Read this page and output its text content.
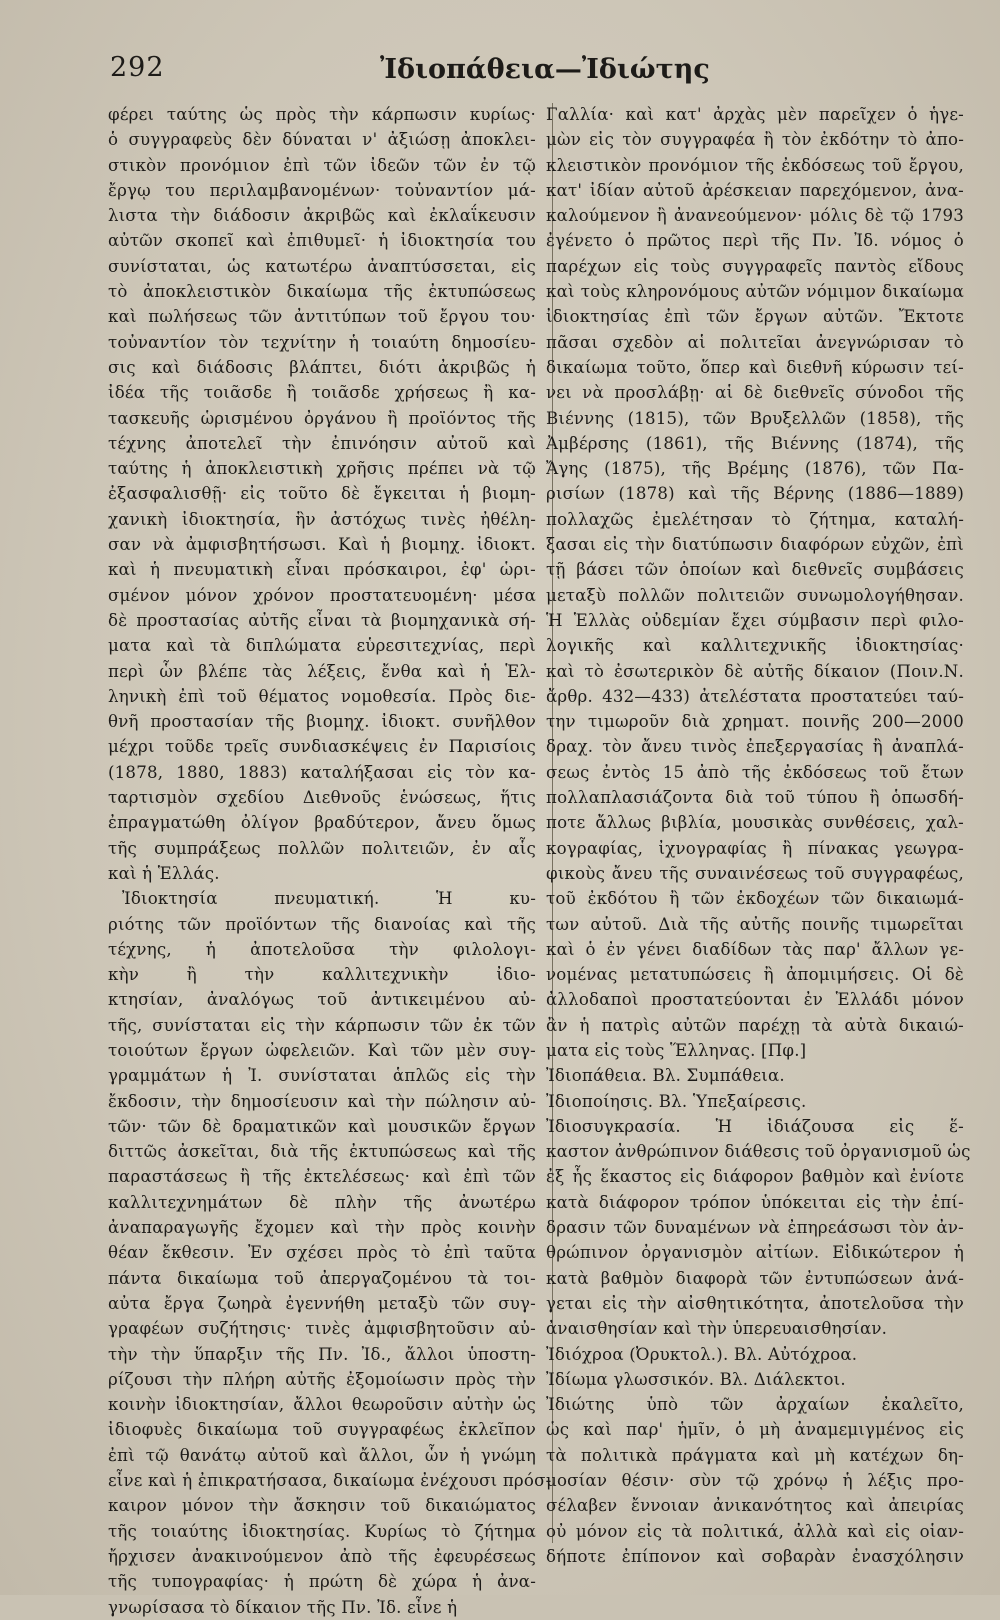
292	Ἰδιοπάθεια—Ἰδιώτης
φέρει ταύτης ὡς πρὸς τὴν κάρπωσιν κυρίως·
ὁ συγγραφεὺς δὲν δύναται ν' ἀξιώσῃ ἀποκλει-
στικὸν προνόμιον ἐπὶ τῶν ἰδεῶν τῶν ἐν τῷ
ἔργῳ του περιλαμβανομένων· τοὐναντίον μά-
λιστα τὴν διάδοσιν ἀκριβῶς καὶ ἐκλαΐκευσιν
αὐτῶν σκοπεῖ καὶ ἐπιθυμεῖ· ἡ ἰδιοκτησία του
συνίσταται, ὡς κατωτέρω ἀναπτύσσεται, εἰς
τὸ ἀποκλειστικὸν δικαίωμα τῆς ἐκτυπώσεως
καὶ πωλήσεως τῶν ἀντιτύπων τοῦ ἔργου του·
τοὐναντίον τὸν τεχνίτην ἡ τοιαύτη δημοσίευ-
σις καὶ διάδοσις βλάπτει, διότι ἀκριβῶς ἡ
ἰδέα τῆς τοιᾶσδε ἢ τοιᾶσδε χρήσεως ἢ κα-
τασκευῆς ὡρισμένου ὀργάνου ἢ προϊόντος τῆς
τέχνης ἀποτελεῖ τὴν ἐπινόησιν αὐτοῦ καὶ
ταύτης ἡ ἀποκλειστικὴ χρῆσις πρέπει νὰ τῷ
ἐξασφαλισθῇ· εἰς τοῦτο δὲ ἔγκειται ἡ βιομη-
χανικὴ ἰδιοκτησία, ἣν ἀστόχως τινὲς ἠθέλη-
σαν νὰ ἀμφισβητήσωσι. Καὶ ἡ βιομηχ. ἰδιοκτ.
καὶ ἡ πνευματικὴ εἶναι πρόσκαιροι, ἐφ' ὡρι-
σμένον μόνον χρόνον προστατευομένη· μέσα
δὲ προστασίας αὐτῆς εἶναι τὰ βιομηχανικὰ σή-
ματα καὶ τὰ διπλώματα εὑρεσιτεχνίας, περὶ
περὶ ὧν βλέπε τὰς λέξεις, ἔνθα καὶ ἡ Ἑλ-
ληνικὴ ἐπὶ τοῦ θέματος νομοθεσία. Πρὸς διε-
θνῆ προστασίαν τῆς βιομηχ. ἰδιοκτ. συνῆλθον
μέχρι τοῦδε τρεῖς συνδιασκέψεις ἐν Παρισίοις
(1878, 1880, 1883) καταλήξασαι εἰς τὸν κα-
ταρτισμὸν σχεδίου Διεθνοῦς ἑνώσεως, ἥτις
ἐπραγματώθη ὀλίγον βραδύτερον, ἄνευ ὅμως
τῆς συμπράξεως πολλῶν πολιτειῶν, ἐν αἷς
καὶ ἡ Ἑλλάς.
Ἰδιοκτησία πνευματική. Ἡ κυ-
ριότης τῶν προϊόντων τῆς διανοίας καὶ τῆς
τέχνης, ἡ ἀποτελοῦσα τὴν φιλολογι-
κὴν ἢ τὴν καλλιτεχνικὴν ἰδιο-
κτησίαν, ἀναλόγως τοῦ ἀντικειμένου αὐ-
τῆς, συνίσταται εἰς τὴν κάρπωσιν τῶν ἐκ τῶν
τοιούτων ἔργων ὠφελειῶν. Καὶ τῶν μὲν συγ-
γραμμάτων ἡ Ἰ. συνίσταται ἁπλῶς εἰς τὴν
ἔκδοσιν, τὴν δημοσίευσιν καὶ τὴν πώλησιν αὐ-
τῶν· τῶν δὲ δραματικῶν καὶ μουσικῶν ἔργων
διττῶς ἀσκεῖται, διὰ τῆς ἐκτυπώσεως καὶ τῆς
παραστάσεως ἢ τῆς ἐκτελέσεως· καὶ ἐπὶ τῶν
καλλιτεχνημάτων δὲ πλὴν τῆς ἀνωτέρω
ἀναπαραγωγῆς ἔχομεν καὶ τὴν πρὸς κοινὴν
θέαν ἔκθεσιν. Ἐν σχέσει πρὸς τὸ ἐπὶ ταῦτα
πάντα δικαίωμα τοῦ ἀπεργαζομένου τὰ τοι-
αὐτα ἔργα ζωηρὰ ἐγεννήθη μεταξὺ τῶν συγ-
γραφέων συζήτησις· τινὲς ἀμφισβητοῦσιν αὐ-
τὴν τὴν ὕπαρξιν τῆς Πν. Ἰδ., ἄλλοι ὑποστη-
ρίζουσι τὴν πλήρη αὐτῆς ἐξομοίωσιν πρὸς τὴν
κοινὴν ἰδιοκτησίαν, ἄλλοι θεωροῦσιν αὐτὴν ὡς
ἰδιοφυὲς δικαίωμα τοῦ συγγραφέως ἐκλεῖπον
ἐπὶ τῷ θανάτῳ αὐτοῦ καὶ ἄλλοι, ὧν ἡ γνώμη
εἶνε καὶ ἡ ἐπικρατήσασα, δικαίωμα ἐνέχουσι πρόσ-
καιρον μόνον τὴν ἄσκησιν τοῦ δικαιώματος
τῆς τοιαύτης ἰδιοκτησίας. Κυρίως τὸ ζήτημα
ἤρχισεν ἀνακινούμενον ἀπὸ τῆς ἐφευρέσεως
τῆς τυπογραφίας· ἡ πρώτη δὲ χώρα ἡ ἀνα-
γνωρίσασα τὸ δίκαιον τῆς Πν. Ἰδ. εἶνε ἡ
Γαλλία· καὶ κατ' ἀρχὰς μὲν παρεῖχεν ὁ ἡγε-
μὼν εἰς τὸν συγγραφέα ἢ τὸν ἐκδότην τὸ ἀπο-
κλειστικὸν προνόμιον τῆς ἐκδόσεως τοῦ ἔργου,
κατ' ἰδίαν αὐτοῦ ἀρέσκειαν παρεχόμενον, ἀνα-
καλούμενον ἢ ἀνανεούμενον· μόλις δὲ τῷ 1793
ἐγένετο ὁ πρῶτος περὶ τῆς Πν. Ἰδ. νόμος ὁ
παρέχων εἰς τοὺς συγγραφεῖς παντὸς εἴδους
καὶ τοὺς κληρονόμους αὐτῶν νόμιμον δικαίωμα
ἰδιοκτησίας ἐπὶ τῶν ἔργων αὐτῶν. Ἔκτοτε
πᾶσαι σχεδὸν αἱ πολιτεῖαι ἀνεγνώρισαν τὸ
δικαίωμα τοῦτο, ὅπερ καὶ διεθνῆ κύρωσιν τεί-
νει νὰ προσλάβῃ· αἱ δὲ διεθνεῖς σύνοδοι τῆς
Βιέννης (1815), τῶν Βρυξελλῶν (1858), τῆς
Ἀμβέρσης (1861), τῆς Βιέννης (1874), τῆς
Ἄγης (1875), τῆς Βρέμης (1876), τῶν Πα-
ρισίων (1878) καὶ τῆς Βέρνης (1886—1889)
πολλαχῶς ἐμελέτησαν τὸ ζήτημα, καταλή-
ξασαι εἰς τὴν διατύπωσιν διαφόρων εὐχῶν, ἐπὶ
τῇ βάσει τῶν ὁποίων καὶ διεθνεῖς συμβάσεις
μεταξὺ πολλῶν πολιτειῶν συνωμολογήθησαν.
Ἡ Ἑλλὰς οὐδεμίαν ἔχει σύμβασιν περὶ φιλο-
λογικῆς καὶ καλλιτεχνικῆς ἰδιοκτησίας·
καὶ τὸ ἐσωτερικὸν δὲ αὐτῆς δίκαιον (Ποιν.Ν.
ἄρθρ. 432—433) ἀτελέστατα προστατεύει ταύ-
την τιμωροῦν διὰ χρηματ. ποινῆς 200—2000
δραχ. τὸν ἄνευ τινὸς ἐπεξεργασίας ἢ ἀναπλά-
σεως ἐντὸς 15 ἀπὸ τῆς ἐκδόσεως τοῦ ἔτων
πολλαπλασιάζοντα διὰ τοῦ τύπου ἢ ὁπωσδή-
ποτε ἄλλως βιβλία, μουσικὰς συνθέσεις, χαλ-
κογραφίας, ἰχνογραφίας ἢ πίνακας γεωγρα-
φικοὺς ἄνευ τῆς συναινέσεως τοῦ συγγραφέως,
τοῦ ἐκδότου ἢ τῶν ἐκδοχέων τῶν δικαιωμά-
των αὐτοῦ. Διὰ τῆς αὐτῆς ποινῆς τιμωρεῖται
καὶ ὁ ἐν γένει διαδίδων τὰς παρ' ἄλλων γε-
νομένας μετατυπώσεις ἢ ἀπομιμήσεις. Οἱ δὲ
ἀλλοδαποὶ προστατεύονται ἐν Ἑλλάδι μόνον
ἂν ἡ πατρὶς αὐτῶν παρέχῃ τὰ αὐτὰ δικαιώ-
ματα εἰς τοὺς Ἕλληνας. [Πφ.]
Ἰδιοπάθεια. Βλ. Συμπάθεια.
Ἰδιοποίησις. Βλ. Ὑπεξαίρεσις.
Ἰδιοσυγκρασία. Ἡ ἰδιάζουσα εἰς ἕ-
καστον ἀνθρώπινον διάθεσις τοῦ ὀργανισμοῦ ὡς
ἐξ ἧς ἕκαστος εἰς διάφορον βαθμὸν καὶ ἐνίοτε
κατὰ διάφορον τρόπον ὑπόκειται εἰς τὴν ἐπί-
δρασιν τῶν δυναμένων νὰ ἐπηρεάσωσι τὸν ἀν-
θρώπινον ὀργανισμὸν αἰτίων. Εἰδικώτερον ἡ
κατὰ βαθμὸν διαφορὰ τῶν ἐντυπώσεων ἀνά-
γεται εἰς τὴν αἰσθητικότητα, ἀποτελοῦσα τὴν
ἀναισθησίαν καὶ τὴν ὑπερευαισθησίαν.
Ἰδιόχροα (Ὀρυκτολ.). Βλ. Αὐτόχροα.
Ἰδίωμα γλωσσικόν. Βλ. Διάλεκτοι.
Ἰδιώτης ὑπὸ τῶν ἀρχαίων ἐκαλεῖτο,
ὡς καὶ παρ' ἡμῖν, ὁ μὴ ἀναμεμιγμένος εἰς
τὰ πολιτικὰ πράγματα καὶ μὴ κατέχων δη-
μοσίαν θέσιν· σὺν τῷ χρόνῳ ἡ λέξις προ-
σέλαβεν ἔννοιαν ἀνικανότητος καὶ ἀπειρίας
οὐ μόνον εἰς τὰ πολιτικά, ἀλλὰ καὶ εἰς οἱαν-
δήποτε ἐπίπονον καὶ σοβαρὰν ἐνασχόλησιν
